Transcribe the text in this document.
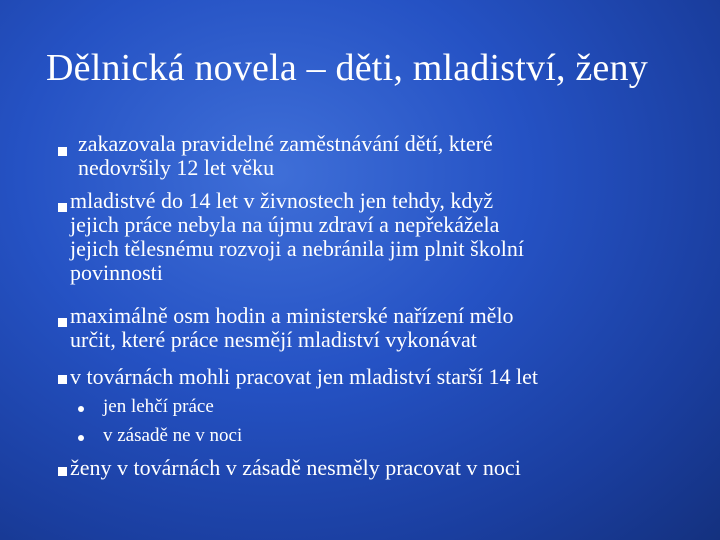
Dělnická novela – děti, mladiství, ženy
zakazovala pravidelné zaměstnávání dětí, které
nedovršily 12 let věku
mladistvé do 14 let v živnostech jen tehdy, když
jejich práce nebyla na újmu zdraví a nepřekážela
jejich tělesnému rozvoji a nebránila jim plnit školní
povinnosti
maximálně osm hodin a ministerské nařízení mělo
určit, které práce nesmějí mladiství vykonávat
v továrnách mohli pracovat jen mladiství starší 14 let
jen lehčí práce
v zásadě ne v noci
ženy v továrnách v zásadě nesměly pracovat v noci
